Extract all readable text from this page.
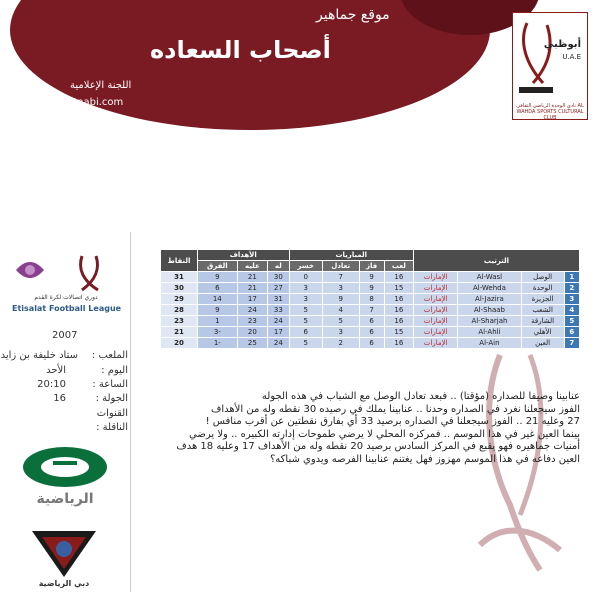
موقع جماهير
أصحاب السعاده
اللجنة الإعلامية
www.3nabi.com
أبوظبي
U.A.E
نادي الوحدة الرياضي الثقافي AL WAHDA SPORTS CULTURAL CLUB
دوري اتصالات لكرة القدم
Etisalat Football League
2007
الملعب :
ستاد خليفة بن زايد
اليوم :
الأحد
الساعة :
20:10
الجولة :
16
القنوات
الناقلة :
الرياضية
دبي الرياضية
النقاط	الأهداف			المباريات				الترتيب			
	الفرق	عليه	له	خسر	تعادل	فاز	لعب				
31	9	21	30	0	7	9	16	الإمارات	Al-Wasl	الوصل	1
30	6	21	27	3	3	9	15	الإمارات	Al-Wehda	الوحدة	2
29	14	17	31	3	9	8	16	الإمارات	Al-Jazira	الجزيرة	3
28	9	24	33	5	4	7	16	الإمارات	Al-Shaab	الشعب	4
23	1	23	24	5	5	6	16	الإمارات	Al-Sharjah	الشارقة	5
21	3-	20	17	6	3	6	15	الإمارات	Al-Ahli	الأهلي	6
20	1-	25	24	5	2	6	16	الإمارات	Al-Ain	العين	7

عنابينا وصيفا للصداره (مؤقتا) .. فبعد تعادل الوصل مع الشباب في هذه الجوله

الفوز سيجعلنا نغرد في الصداره وحدنا .. عنابينا يملك في رصيده 30 نقطه وله من الأهداف

27 وعليه 21 .. الفوز سيجعلنا في الصداره برصيد 33 أي بفارق نقطتين عن أقرب منافس !

بينما العين غير في هذا الموسم .. فمركزه المحلي لا يرضي طموحات إدارته الكبيره .. ولا يرضي

أمنيات جماهيره فهو يقبع في المركز السادس برصيد 20 نقطه وله من الأهداف 17 وعليه 18 هدف

العين دفاعه في هذا الموسم مهزوز فهل يغتنم عنابينا الفرصه ويدوي شباكه؟
